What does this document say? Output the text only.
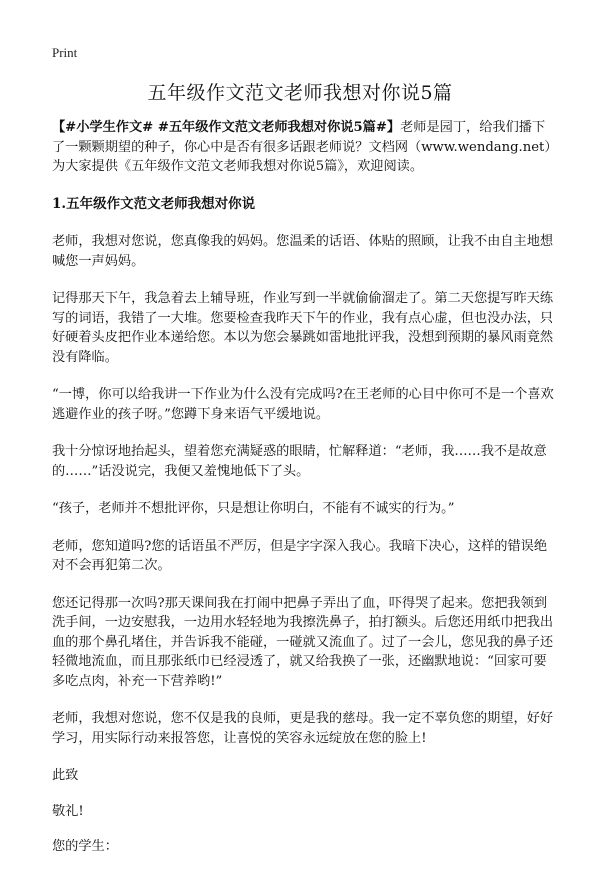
Print
五年级作文范文老师我想对你说5篇

【#小学生作文# #五年级作文范文老师我想对你说5篇#】老师是园丁，给我们播下了一颗颗期望的种子，你心中是否有很多话跟老师说？文档网（www.wendang.net）为大家提供《五年级作文范文老师我想对你说5篇》，欢迎阅读。

1.五年级作文范文老师我想对你说

老师，我想对您说，您真像我的妈妈。您温柔的话语、体贴的照顾，让我不由自主地想喊您一声妈妈。

记得那天下午，我急着去上辅导班，作业写到一半就偷偷溜走了。第二天您提写昨天练写的词语，我错了一大堆。您要检查我昨天下午的作业，我有点心虚，但也没办法，只好硬着头皮把作业本递给您。本以为您会暴跳如雷地批评我，没想到预期的暴风雨竟然没有降临。

“一博，你可以给我讲一下作业为什么没有完成吗?在王老师的心目中你可不是一个喜欢逃避作业的孩子呀。”您蹲下身来语气平缓地说。

我十分惊讶地抬起头，望着您充满疑惑的眼睛，忙解释道：“老师，我……我不是故意的……”话没说完，我便又羞愧地低下了头。

“孩子，老师并不想批评你，只是想让你明白，不能有不诚实的行为。”

老师，您知道吗?您的话语虽不严厉，但是字字深入我心。我暗下决心，这样的错误绝对不会再犯第二次。

您还记得那一次吗?那天课间我在打闹中把鼻子弄出了血，吓得哭了起来。您把我领到洗手间，一边安慰我，一边用水轻轻地为我擦洗鼻子，拍打额头。后您还用纸巾把我出血的那个鼻孔堵住，并告诉我不能碰，一碰就又流血了。过了一会儿，您见我的鼻子还轻微地流血，而且那张纸巾已经浸透了，就又给我换了一张，还幽默地说：“回家可要多吃点肉，补充一下营养哟!”

老师，我想对您说，您不仅是我的良师，更是我的慈母。我一定不辜负您的期望，好好学习，用实际行动来报答您，让喜悦的笑容永远绽放在您的脸上!

此致

敬礼!

您的学生：
